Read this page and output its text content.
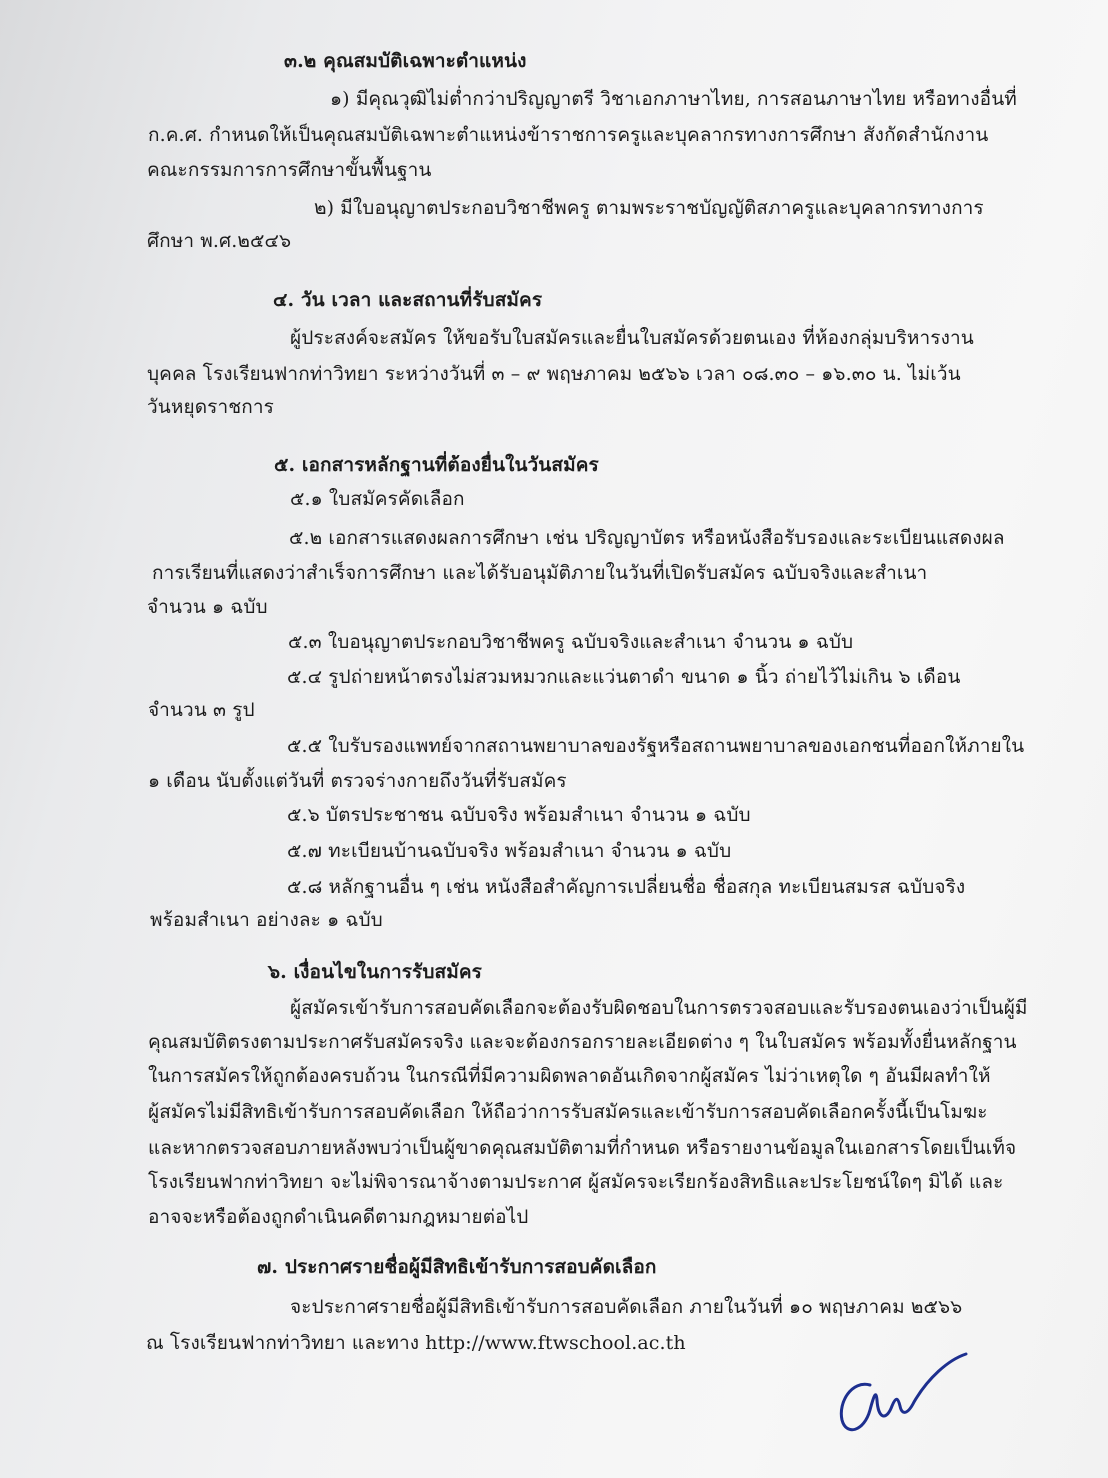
๓.๒ คุณสมบัติเฉพาะตำแหน่ง
๑) มีคุณวุฒิไม่ต่ำกว่าปริญญาตรี วิชาเอกภาษาไทย, การสอนภาษาไทย หรือทางอื่นที่
ก.ค.ศ. กำหนดให้เป็นคุณสมบัติเฉพาะตำแหน่งข้าราชการครูและบุคลากรทางการศึกษา สังกัดสำนักงาน
คณะกรรมการการศึกษาขั้นพื้นฐาน
๒) มีใบอนุญาตประกอบวิชาชีพครู ตามพระราชบัญญัติสภาครูและบุคลากรทางการ
ศึกษา พ.ศ.๒๕๔๖
๔. วัน เวลา และสถานที่รับสมัคร
ผู้ประสงค์จะสมัคร ให้ขอรับใบสมัครและยื่นใบสมัครด้วยตนเอง ที่ห้องกลุ่มบริหารงาน
บุคคล โรงเรียนฟากท่าวิทยา ระหว่างวันที่ ๓ – ๙ พฤษภาคม ๒๕๖๖ เวลา ๐๘.๓๐ – ๑๖.๓๐ น. ไม่เว้น
วันหยุดราชการ
๕. เอกสารหลักฐานที่ต้องยื่นในวันสมัคร
๕.๑ ใบสมัครคัดเลือก
๕.๒ เอกสารแสดงผลการศึกษา เช่น ปริญญาบัตร หรือหนังสือรับรองและระเบียนแสดงผล
การเรียนที่แสดงว่าสำเร็จการศึกษา และได้รับอนุมัติภายในวันที่เปิดรับสมัคร ฉบับจริงและสำเนา
จำนวน ๑ ฉบับ
๕.๓ ใบอนุญาตประกอบวิชาชีพครู ฉบับจริงและสำเนา จำนวน ๑ ฉบับ
๕.๔ รูปถ่ายหน้าตรงไม่สวมหมวกและแว่นตาดำ ขนาด ๑ นิ้ว ถ่ายไว้ไม่เกิน ๖ เดือน
จำนวน ๓ รูป
๕.๕ ใบรับรองแพทย์จากสถานพยาบาลของรัฐหรือสถานพยาบาลของเอกชนที่ออกให้ภายใน
๑ เดือน นับตั้งแต่วันที่ ตรวจร่างกายถึงวันที่รับสมัคร
๕.๖ บัตรประชาชน ฉบับจริง พร้อมสำเนา จำนวน ๑ ฉบับ
๕.๗ ทะเบียนบ้านฉบับจริง พร้อมสำเนา จำนวน ๑ ฉบับ
๕.๘ หลักฐานอื่น ๆ เช่น หนังสือสำคัญการเปลี่ยนชื่อ ชื่อสกุล ทะเบียนสมรส ฉบับจริง
พร้อมสำเนา อย่างละ ๑ ฉบับ
๖. เงื่อนไขในการรับสมัคร
ผู้สมัครเข้ารับการสอบคัดเลือกจะต้องรับผิดชอบในการตรวจสอบและรับรองตนเองว่าเป็นผู้มี
คุณสมบัติตรงตามประกาศรับสมัครจริง และจะต้องกรอกรายละเอียดต่าง ๆ ในใบสมัคร พร้อมทั้งยื่นหลักฐาน
ในการสมัครให้ถูกต้องครบถ้วน ในกรณีที่มีความผิดพลาดอันเกิดจากผู้สมัคร ไม่ว่าเหตุใด ๆ อันมีผลทำให้
ผู้สมัครไม่มีสิทธิเข้ารับการสอบคัดเลือก ให้ถือว่าการรับสมัครและเข้ารับการสอบคัดเลือกครั้งนี้เป็นโมฆะ
และหากตรวจสอบภายหลังพบว่าเป็นผู้ขาดคุณสมบัติตามที่กำหนด หรือรายงานข้อมูลในเอกสารโดยเป็นเท็จ
โรงเรียนฟากท่าวิทยา จะไม่พิจารณาจ้างตามประกาศ ผู้สมัครจะเรียกร้องสิทธิและประโยชน์ใดๆ มิได้ และ
อาจจะหรือต้องถูกดำเนินคดีตามกฎหมายต่อไป
๗. ประกาศรายชื่อผู้มีสิทธิเข้ารับการสอบคัดเลือก
จะประกาศรายชื่อผู้มีสิทธิเข้ารับการสอบคัดเลือก ภายในวันที่ ๑๐ พฤษภาคม ๒๕๖๖
ณ โรงเรียนฟากท่าวิทยา และทาง http://www.ftwschool.ac.th
